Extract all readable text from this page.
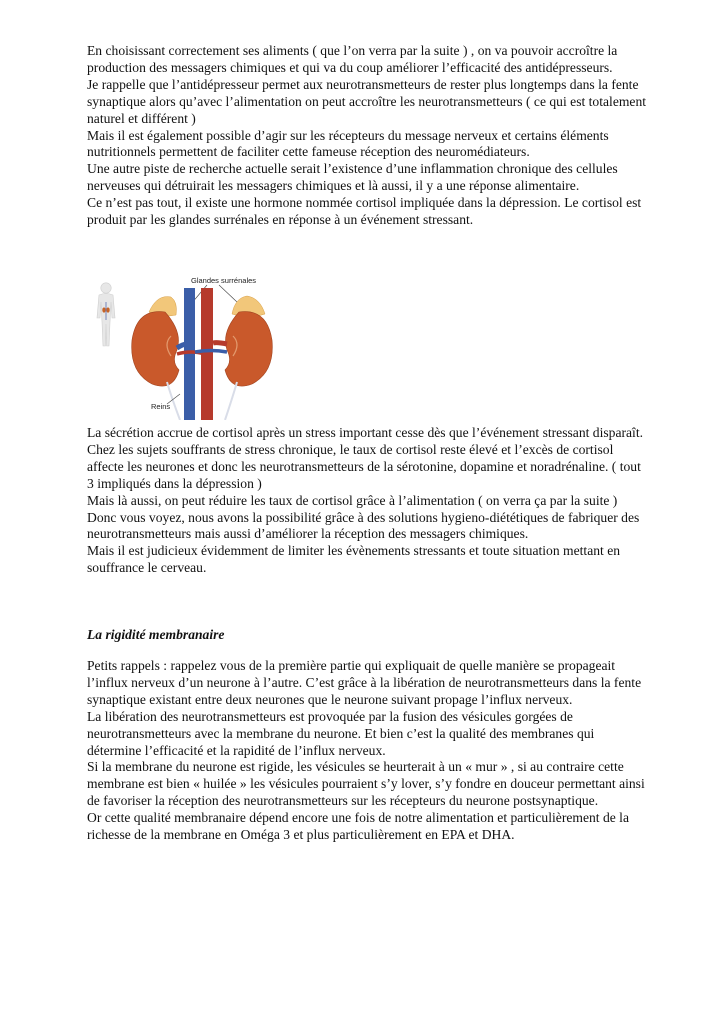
En choisissant correctement ses aliments ( que l’on verra par la suite ) , on va pouvoir accroître la production des messagers chimiques et qui va du coup améliorer l’efficacité des antidépresseurs.

Je rappelle que l’antidépresseur permet aux neurotransmetteurs de rester plus longtemps dans la fente synaptique alors qu’avec l’alimentation on peut accroître les neurotransmetteurs ( ce qui est totalement naturel et différent )

Mais il est également possible d’agir sur les récepteurs du message nerveux et certains éléments nutritionnels permettent de faciliter cette fameuse réception des neuromédiateurs.

Une autre piste de recherche actuelle serait l’existence d’une inflammation chronique des cellules nerveuses qui détruirait les messagers chimiques et là aussi, il y a une réponse alimentaire.

Ce n’est pas tout, il existe une hormone nommée cortisol impliquée dans la dépression. Le cortisol est produit par les glandes surrénales en réponse à un événement stressant.

Glandes surrénales
Reins

La sécrétion accrue de cortisol après un stress important cesse dès que l’événement stressant disparaît. Chez les sujets souffrants de stress chronique, le taux de cortisol reste élevé et l’excès de cortisol affecte les neurones et donc les neurotransmetteurs de la sérotonine, dopamine et noradrénaline. ( tout 3 impliqués dans la dépression )

Mais là aussi, on peut réduire les taux de cortisol grâce à l’alimentation ( on verra ça par la suite )

Donc vous voyez, nous avons la possibilité grâce à des solutions hygieno-diététiques de fabriquer des neurotransmetteurs mais aussi d’améliorer la réception des messagers chimiques.

Mais il est judicieux évidemment de limiter les évènements stressants et toute situation mettant en souffrance le cerveau.

La rigidité membranaire

Petits rappels : rappelez vous de la première partie qui expliquait de quelle manière se propageait l’influx nerveux d’un neurone à l’autre. C’est grâce à la libération de neurotransmetteurs dans la fente synaptique existant entre deux neurones que le neurone suivant propage l’influx nerveux.

La libération des neurotransmetteurs est provoquée par la fusion des vésicules gorgées de neurotransmetteurs avec la membrane du neurone. Et bien c’est la qualité des membranes qui détermine l’efficacité et la rapidité de l’influx nerveux.

Si la membrane du neurone est rigide, les vésicules se heurterait à un « mur » , si au contraire cette membrane est bien « huilée » les vésicules pourraient s’y lover, s’y fondre en douceur permettant ainsi de favoriser la réception des neurotransmetteurs sur les récepteurs du neurone postsynaptique.

Or cette qualité membranaire dépend encore une fois de notre alimentation et particulièrement de la richesse de la membrane en Oméga 3 et plus particulièrement en EPA et DHA.
